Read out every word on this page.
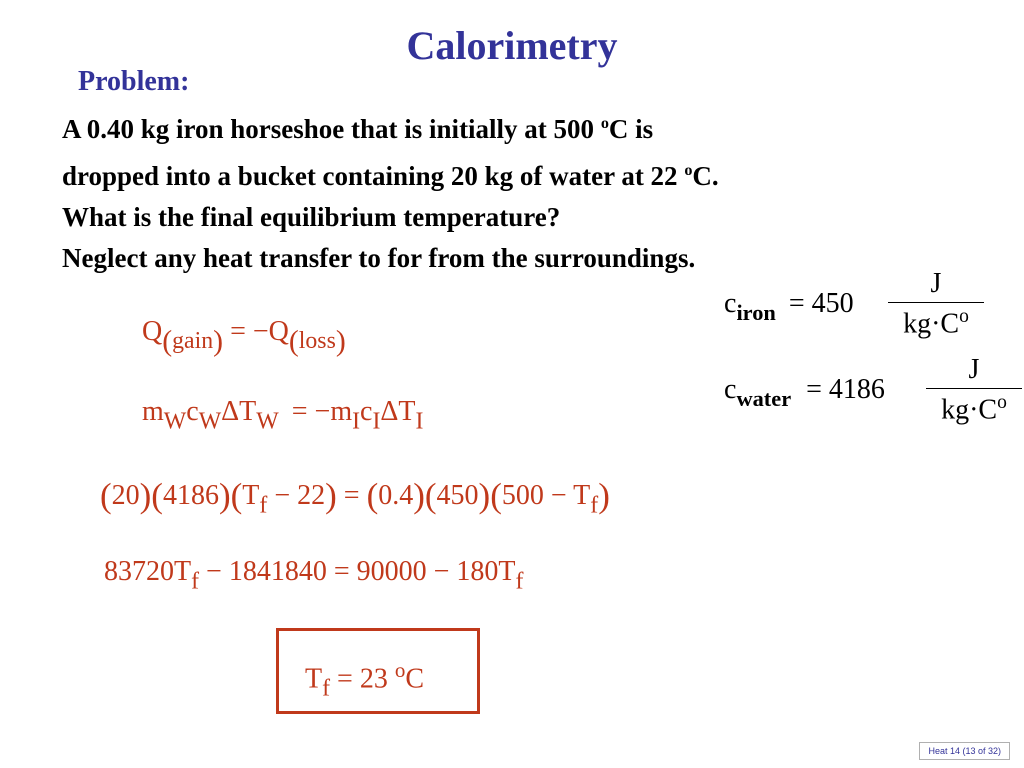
Calorimetry
Problem:
A 0.40 kg iron horseshoe that is initially at 500 $^o$C is
dropped into a bucket containing 20 kg of water at 22 $^o$C.
What is the final equilibrium temperature?
Neglect any heat transfer to for from the surroundings.
$c_{iron} = 450$
J
$kg\cdot C^o$
$c_{water} = 4186$
J
$kg\cdot C^o$
$Q_{(gain)} = -Q_{(loss)}$
$m_Wc_W\Delta T_W = -m_Ic_I\Delta T_I$
$(20)(4186)(T_f - 22) = (0.4)(450)(500 - T_f)$
$83720T_f - 1841840 = 90000 - 180T_f$
$T_f = 23$ $^o$C
Heat 14 (13 of 32)
